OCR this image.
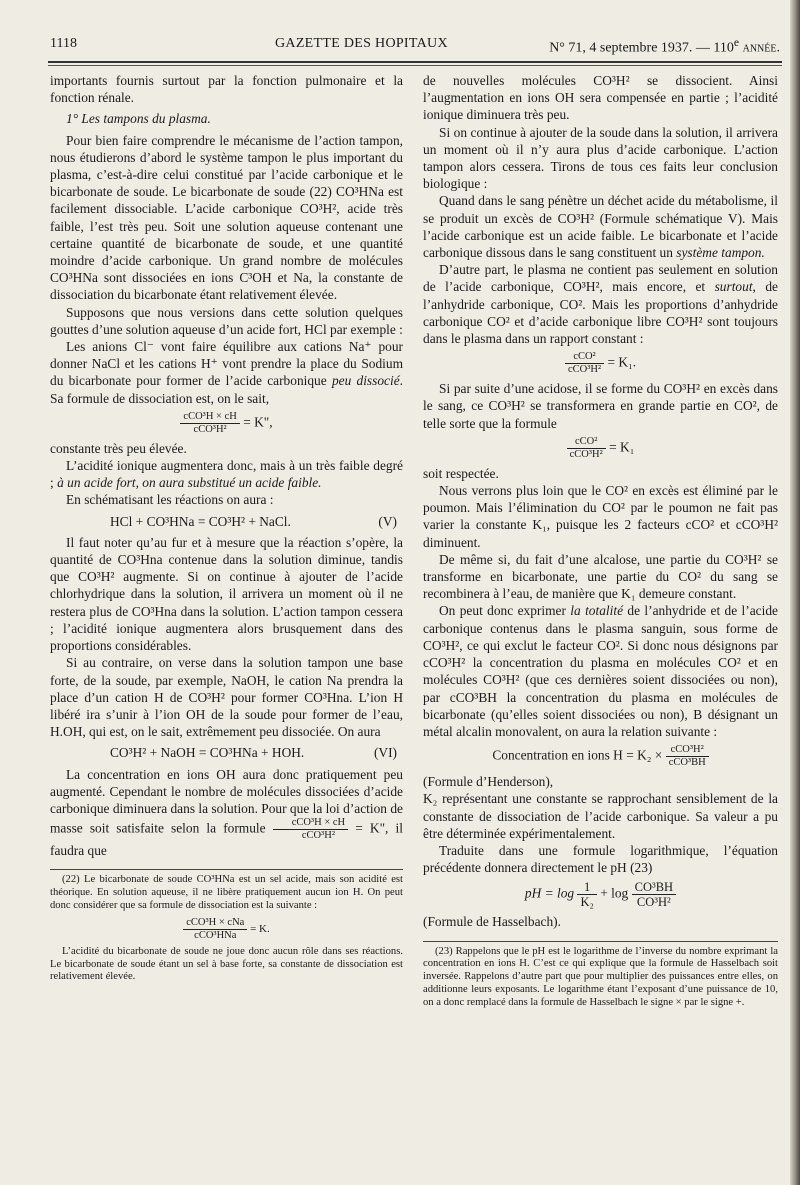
1118	GAZETTE DES HOPITAUX	N° 71, 4 septembre 1937. — 110e année.

importants fournis surtout par la fonction pulmonaire et la fonction rénale.

1° Les tampons du plasma.

Pour bien faire comprendre le mécanisme de l’action tampon, nous étudierons d’abord le système tampon le plus important du plasma, c’est-à-dire celui constitué par l’acide carbonique et le bicarbonate de soude. Le bicarbonate de soude (22) CO³HNa est facilement dissociable. L’acide carbonique CO³H², acide très faible, l’est très peu. Soit une solution aqueuse contenant une certaine quantité de bicarbonate de soude, et une quantité moindre d’acide carbonique. Un grand nombre de molécules CO³HNa sont dissociées en ions C³OH et Na, la constante de dissociation du bicarbonate étant relativement élevée.

Supposons que nous versions dans cette solution quelques gouttes d’une solution aqueuse d’un acide fort, HCl par exemple :

Les anions Cl⁻ vont faire équilibre aux cations Na⁺ pour donner NaCl et les cations H⁺ vont prendre la place du Sodium du bicarbonate pour former de l’acide carbonique peu dissocié. Sa formule de dissociation est, on le sait,

$\frac{\text{cCO³H × cH}}{\text{cCO³H²}} = K$",

constante très peu élevée.

L’acidité ionique augmentera donc, mais à un très faible degré ; à un acide fort, on aura substitué un acide faible.

En schématisant les réactions on aura :

HCl + CO³HNa = CO³H² + NaCl.	(V)

Il faut noter qu’au fur et à mesure que la réaction s’opère, la quantité de CO³Hna contenue dans la solution diminue, tandis que CO³H² augmente. Si on continue à ajouter de l’acide chlorhydrique dans la solution, il arrivera un moment où il ne restera plus de CO³Hna dans la solution. L’action tampon cessera ; l’acidité ionique augmentera alors brusquement dans des proportions considérables.

Si au contraire, on verse dans la solution tampon une base forte, de la soude, par exemple, NaOH, le cation Na prendra la place d’un cation H de CO³H² pour former CO³Hna. L’ion H libéré ira s’unir à l’ion OH de la soude pour former de l’eau, H.OH, qui est, on le sait, extrêmement peu dissociée. On aura

CO³H² + NaOH = CO³HNa + HOH.	(VI)

La concentration en ions OH aura donc pratiquement peu augmenté. Cependant le nombre de molécules dissociées d’acide carbonique diminuera dans la solution. Pour que la loi d’action de masse soit satisfaite selon la formule $\frac{\text{cCO³H × cH}}{\text{cCO³H²}} = K$", il faudra que

(22) Le bicarbonate de soude CO³HNa est un sel acide, mais son acidité est théorique. En solution aqueuse, il ne libère pratiquement aucun ion H. On peut donc considérer que sa formule de dissociation est la suivante :

$\frac{\text{cCO³H × cNa}}{\text{cCO³HNa}} = K$.

L’acidité du bicarbonate de soude ne joue donc aucun rôle dans ses réactions. Le bicarbonate de soude étant un sel à base forte, sa constante de dissociation est relativement élevée.

de nouvelles molécules CO³H² se dissocient. Ainsi l’augmentation en ions OH sera compensée en partie ; l’acidité ionique diminuera très peu.

Si on continue à ajouter de la soude dans la solution, il arrivera un moment où il n’y aura plus d’acide carbonique. L’action tampon alors cessera. Tirons de tous ces faits leur conclusion biologique :

Quand dans le sang pénètre un déchet acide du métabolisme, il se produit un excès de CO³H² (Formule schématique V). Mais l’acide carbonique est un acide faible. Le bicarbonate et l’acide carbonique dissous dans le sang constituent un système tampon.

D’autre part, le plasma ne contient pas seulement en solution de l’acide carbonique, CO³H², mais encore, et surtout, de l’anhydride carbonique, CO². Mais les proportions d’anhydride carbonique CO² et d’acide carbonique libre CO³H² sont toujours dans le plasma dans un rapport constant :

$\frac{\text{cCO²}}{\text{cCO³H²}} = K_1$.

Si par suite d’une acidose, il se forme du CO³H² en excès dans le sang, ce CO³H² se transformera en grande partie en CO², de telle sorte que la formule

$\frac{\text{cCO²}}{\text{cCO³H²}} = K_1$

soit respectée.

Nous verrons plus loin que le CO² en excès est éliminé par le poumon. Mais l’élimination du CO² par le poumon ne fait pas varier la constante K₁, puisque les 2 facteurs cCO² et cCO³H² diminuent.

De même si, du fait d’une alcalose, une partie du CO³H² se transforme en bicarbonate, une partie du CO² du sang se recombinera à l’eau, de manière que K₁ demeure constant.

On peut donc exprimer la totalité de l’anhydride et de l’acide carbonique contenus dans le plasma sanguin, sous forme de CO³H², ce qui exclut le facteur CO². Si donc nous désignons par cCO³H² la concentration du plasma en molécules CO² et en molécules CO³H² (que ces dernières soient dissociées ou non), par cCO³BH la concentration du plasma en molécules de bicarbonate (qu’elles soient dissociées ou non), B désignant un métal alcalin monovalent, on aura la relation suivante :

Concentration en ions $H = K_2 \times \frac{\text{cCO³H²}}{\text{cCO³BH}}$

(Formule d’Henderson),

K₂ représentant une constante se rapprochant sensiblement de la constante de dissociation de l’acide carbonique. Sa valeur a pu être déterminée expérimentalement.

Traduite dans une formule logarithmique, l’équation précédente donnera directement le pH (23)

pH = $\log \frac{1}{\text{K₂}} + \log \frac{\text{CO³BH}}{\text{CO³H²}}$

(Formule de Hasselbach).

(23) Rappelons que le pH est le logarithme de l’inverse du nombre exprimant la concentration en ions H. C’est ce qui explique que la formule de Hasselbach soit inversée. Rappelons d’autre part que pour multiplier des puissances entre elles, on additionne leurs exposants. Le logarithme étant l’exposant d’une puissance de 10, on a donc remplacé dans la formule de Hasselbach le signe × par le signe +.
